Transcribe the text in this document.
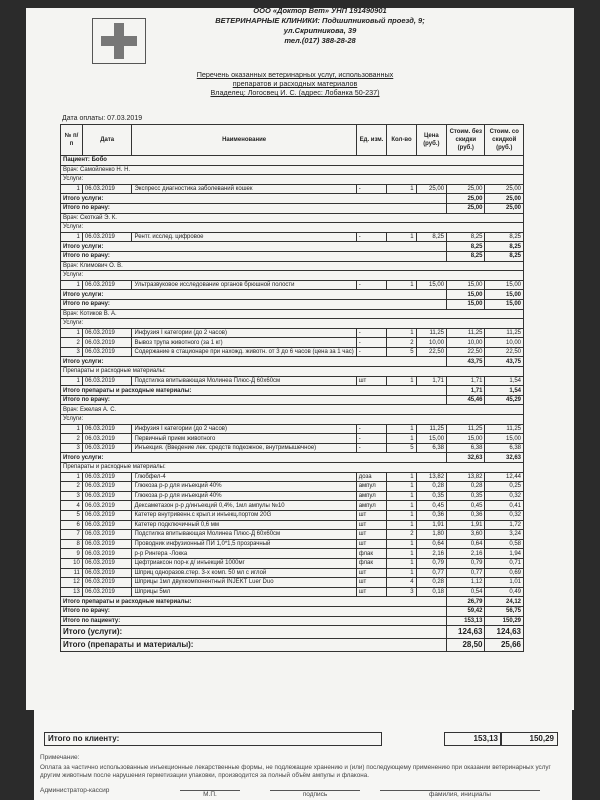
ООО «Доктор Вет» УНП 191490901
ВЕТЕРИНАРНЫЕ КЛИНИКИ: Подшипниковый проезд, 9;
ул.Скрипникова, 39
тел.(017) 388-28-28
Перечень оказанных ветеринарных услуг, использованных
препаратов и расходных материалов
Владелец: Логосвец И. С. (адрес: Лобанка 50-237)
Дата оплаты: 07.03.2019
№ п/п	Дата	Наименование	Ед. изм.	Кол-во	Цена (руб.)	Стоим. без скидки (руб.)	Стоим. со скидкой (руб.)
Пациент: Бобо							
Врач: Самойленко Н. Н.							
Услуги:							
1	06.03.2019	Экспресс диагностика заболеваний кошек	-	1	25,00	25,00	25,00
Итого услуги:						25,00	25,00
Итого по врачу:						25,00	25,00
Врач: Скоткай Э. К.							
Услуги:							
1	06.03.2019	Рентг. исслед. цифровое	-	1	8,25	8,25	8,25
Итого услуги:						8,25	8,25
Итого по врачу:						8,25	8,25
Врач: Климович О. В.							
Услуги:							
1	06.03.2019	Ультразвуковое исследование органов брюшной полости	-	1	15,00	15,00	15,00
Итого услуги:						15,00	15,00
Итого по врачу:						15,00	15,00
Врач: Котиков В. А.							
Услуги:							
1	06.03.2019	Инфузия I категории (до 2 часов)	-	1	11,25	11,25	11,25
2	06.03.2019	Вывоз трупа животного (за 1 кг)	-	2	10,00	10,00	10,00
3	06.03.2019	Содержание в стационаре при нахожд. животн. от 3 до 6 часов (цена за 1 час)	-	5	22,50	22,50	22,50
Итого услуги:						43,75	43,75
Препараты и расходные материалы:							
1	06.03.2019	Подстилка впитывающая Молинеа Плюс-Д 60х60см	шт	1	1,71	1,71	1,54
Итого препараты и расходные материалы:						1,71	1,54
Итого по врачу:						45,46	45,29
Врач: Ежелая А. С.							
Услуги:							
1	06.03.2019	Инфузия I категории (до 2 часов)	-	1	11,25	11,25	11,25
2	06.03.2019	Первичный прием животного	-	1	15,00	15,00	15,00
3	06.03.2019	Инъекция. (Введение лек. средств подкожное, внутримышечное)	-	5	6,38	6,38	6,38
Итого услуги:						32,63	32,63
Препараты и расходные материалы:							
1	06.03.2019	Глюбфел-4	доза	1	13,82	13,82	12,44
2	06.03.2019	Глюкоза р-р для инъекций 40%	ампул	1	0,28	0,28	0,25
3	06.03.2019	Глюкоза р-р для инъекций 40%	ампул	1	0,35	0,35	0,32
4	06.03.2019	Дексаметазон р-р д/инъекций 0,4%, 1мл ампулы №10	ампул	1	0,45	0,45	0,41
5	06.03.2019	Катетер внутривенн.с крыл.и инъекц.портом 20G	шт	1	0,36	0,36	0,32
6	06.03.2019	Катетер подключичный 0,6 мм	шт	1	1,91	1,91	1,72
7	06.03.2019	Подстилка впитывающая Молинеа Плюс-Д 60х60см	шт	2	1,80	3,60	3,24
8	06.03.2019	Проводник инфузионный ПИ 1,0*1,5 прозрачный	шт	1	0,64	0,64	0,58
9	06.03.2019	р-р Рингера -Локка	флак	1	2,16	2,16	1,94
10	06.03.2019	Цефтриаксон пор-к д/ инъекций 1000мг	флак	1	0,79	0,79	0,71
11	06.03.2019	Шприц одноразов.стер. 3-х комп. 50 мл с иглой	шт	1	0,77	0,77	0,69
12	06.03.2019	Шприцы 1мл двухкомпонентный INJEKT Luer Duo	шт	4	0,28	1,12	1,01
13	06.03.2019	Шприцы 5мл	шт	3	0,18	0,54	0,49
Итого препараты и расходные материалы:						26,79	24,12
Итого по врачу:						59,42	56,75
Итого по пациенту:						153,13	150,29
Итого (услуги):						124,63	124,63
Итого (препараты и материалы):						28,50	25,66
Итого по клиенту:	153,13	150,29
Примечание:
Оплата за частично использованные инъекционные лекарственные формы, не подлежащие хранению и (или) последующему применению при оказании ветеринарных услуг другим животным после нарушения герметизации упаковки, производится за полный объём ампулы и флакона.
Администратор-кассир
М.П.	подпись	фамилия, инициалы
